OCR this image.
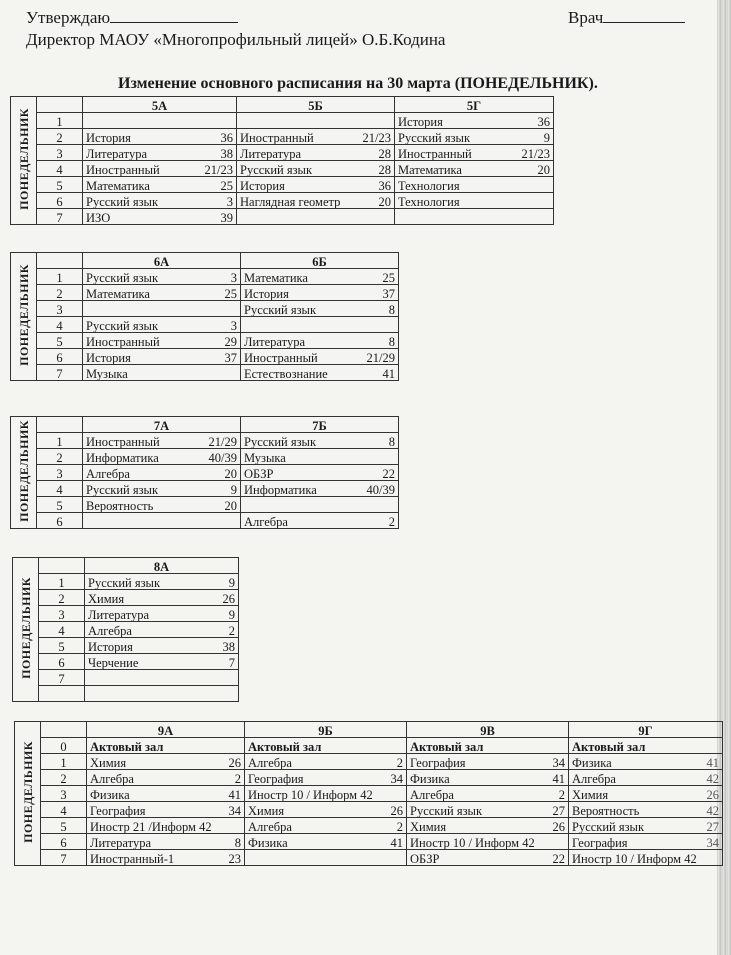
Утверждаю	Врач
Директор МАОУ «Многопрофильный лицей» О.Б.Кодина
Изменение основного расписания на 30 марта (ПОНЕДЕЛЬНИК).
ПОНЕДЕЛЬНИК		5А	5Б	5Г
	1			История 36

	2	История 36	Иностранный 21/23	Русский язык 9

	3	Литература 38	Литература 28	Иностранный 21/23

	4	Иностранный 21/23	Русский язык 28	Математика 20

	5	Математика 25	История 36	Технология

	6	Русский язык 3	Наглядная геометр 20	Технология

	7	ИЗО 39		

ПОНЕДЕЛЬНИК		6А	6Б
	1	Русский язык 3	Математика 25

	2	Математика 25	История 37

	3		Русский язык 8

	4	Русский язык 3	

	5	Иностранный 29	Литература 8

	6	История 37	Иностранный 21/29

	7	Музыка	Естествознание 41
ПОНЕДЕЛЬНИК		7А	7Б
	1	Иностранный 21/29	Русский язык 8

	2	Информатика 40/39	Музыка

	3	Алгебра 20	ОБЗР 22

	4	Русский язык 9	Информатика 40/39

	5	Вероятность 20	

	6		Алгебра 2
ПОНЕДЕЛЬНИК		8А
	1	Русский язык 9

	2	Химия 26

	3	Литература 9

	4	Алгебра 2

	5	История 38

	6	Черчение 7

	7	

ПОНЕДЕЛЬНИК		9А	9Б	9В	9Г
	0	Актовый зал	Актовый зал	Актовый зал	Актовый зал

	1	Химия 26	Алгебра 2	География 34	Физика 41

	2	Алгебра 2	География 34	Физика 41	Алгебра 42

	3	Физика 41	Иностр 10 / Информ 42	Алгебра 2	Химия 26

	4	География 34	Химия 26	Русский язык 27	Вероятность 42

	5	Иностр 21 /Информ 42	Алгебра 2	Химия 26	Русский язык 27

	6	Литература 8	Физика 41	Иностр 10 / Информ 42	География 34

	7	Иностранный-1 23		ОБЗР 22	Иностр 10 / Информ 42
